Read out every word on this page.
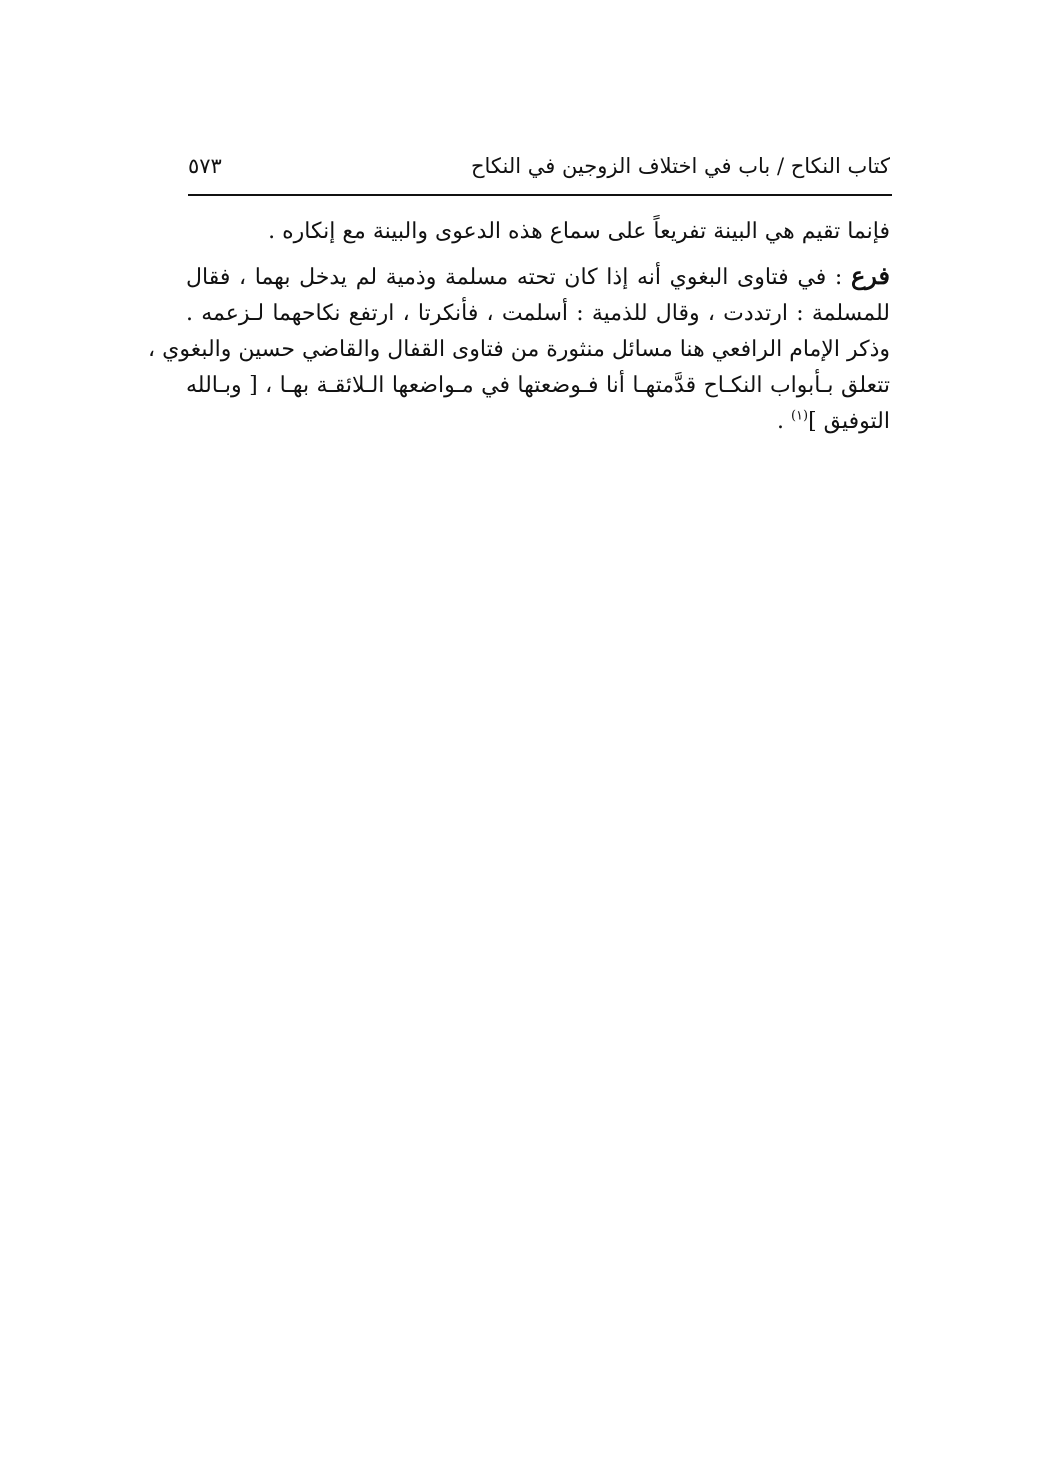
كتاب النكاح / باب في اختلاف الزوجين في النكاح
٥٧٣

فإنما تقيم هي البينة تفريعاً على سماع هذه الدعوى والبينة مع إنكاره .

فرع : في فتاوى البغوي أنه إذا كان تحته مسلمة وذمية لم يدخل بهما ، فقال
للمسلمة : ارتددت ، وقال للذمية : أسلمت ، فأنكرتا ، ارتفع نكاحهما لـزعمه .
وذكر الإمام الرافعي هنا مسائل منثورة من فتاوى القفال والقاضي حسين والبغوي ،
تتعلق بـأبواب النكـاح قدَّمتهـا أنا فـوضعتها في مـواضعها الـلائقـة بهـا ، [ وبـالله
التوفيق ]$^{(١)}$ .
